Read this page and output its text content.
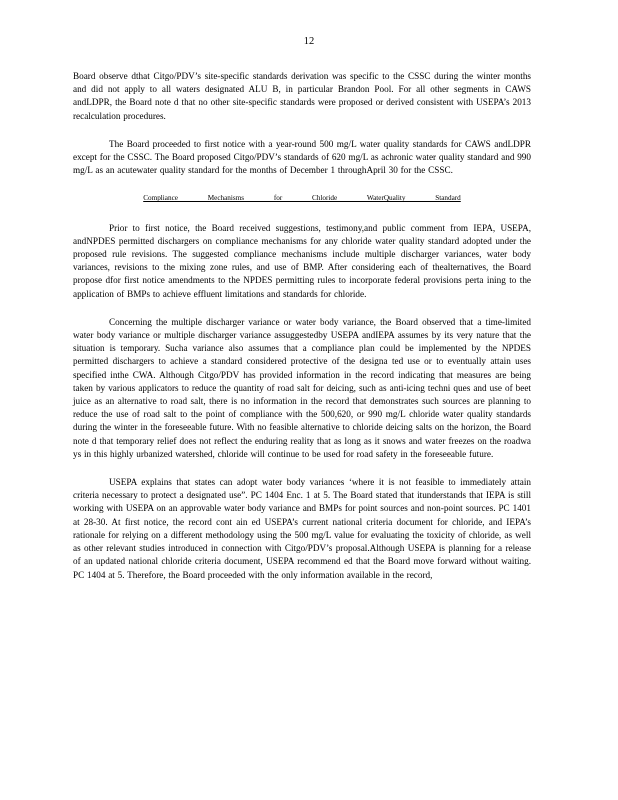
12

Board observe dthat Citgo/PDV’s site-specific standards derivation was specific to the CSSC during the winter months and did not apply to all waters designated ALU B, in particular Brandon Pool. For all other segments in CAWS andLDPR, the Board note d that no other site-specific standards were proposed or derived consistent with USEPA’s 2013 recalculation procedures.

The Board proceeded to first notice with a year-round 500 mg/L water quality standards for CAWS andLDPR except for the CSSC. The Board proposed Citgo/PDV’s standards of 620 mg/L as achronic water quality standard and 990 mg/L as an acutewater quality standard for the months of December 1 throughApril 30 for the CSSC.

Compliance Mechanisms for Chloride WaterQuality Standard

Prior to first notice, the Board received suggestions, testimony,and public comment from IEPA, USEPA, andNPDES permitted dischargers on compliance mechanisms for any chloride water quality standard adopted under the proposed rule revisions. The suggested compliance mechanisms include multiple discharger variances, water body variances, revisions to the mixing zone rules, and use of BMP. After considering each of thealternatives, the Board propose dfor first notice amendments to the NPDES permitting rules to incorporate federal provisions perta ining to the application of BMPs to achieve effluent limitations and standards for chloride.

Concerning the multiple discharger variance or water body variance, the Board observed that a time-limited water body variance or multiple discharger variance assuggestedby USEPA andIEPA assumes by its very nature that the situation is temporary. Sucha variance also assumes that a compliance plan could be implemented by the NPDES permitted dischargers to achieve a standard considered protective of the designa ted use or to eventually attain uses specified inthe CWA. Although Citgo/PDV has provided information in the record indicating that measures are being taken by various applicators to reduce the quantity of road salt for deicing, such as anti-icing techni ques and use of beet juice as an alternative to road salt, there is no information in the record that demonstrates such sources are planning to reduce the use of road salt to the point of compliance with the 500,620, or 990 mg/L chloride water quality standards during the winter in the foreseeable future. With no feasible alternative to chloride deicing salts on the horizon, the Board note d that temporary relief does not reflect the enduring reality that as long as it snows and water freezes on the roadwa ys in this highly urbanized watershed, chloride will continue to be used for road safety in the foreseeable future.

USEPA explains that states can adopt water body variances ‘where it is not feasible to immediately attain criteria necessary to protect a designated use”. PC 1404 Enc. 1 at 5. The Board stated that itunderstands that IEPA is still working with USEPA on an approvable water body variance and BMPs for point sources and non-point sources. PC 1401 at 28-30. At first notice, the record cont ain ed USEPA’s current national criteria document for chloride, and IEPA’s rationale for relying on a different methodology using the 500 mg/L value for evaluating the toxicity of chloride, as well as other relevant studies introduced in connection with Citgo/PDV’s proposal.Although USEPA is planning for a release of an updated national chloride criteria document, USEPA recommend ed that the Board move forward without waiting. PC 1404 at 5. Therefore, the Board proceeded with the only information available in the record,
